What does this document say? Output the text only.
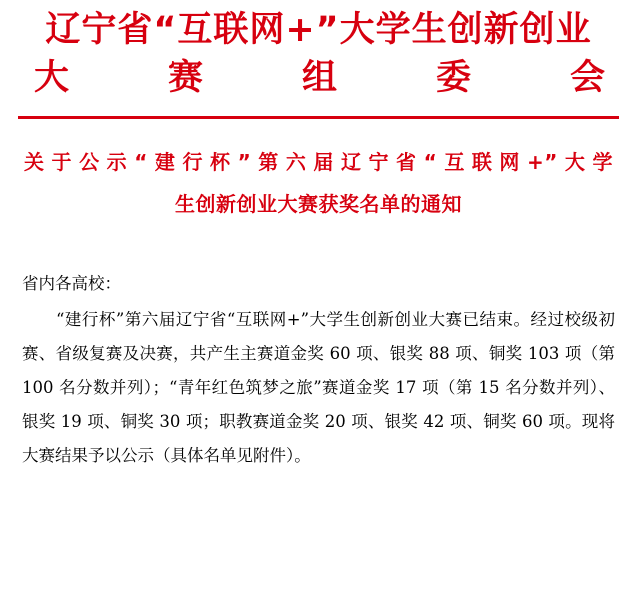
辽宁省“互联网+”大学生创新创业
大	赛	组	委	会
关于公示“建行杯”第六届辽宁省“互联网+”大学
生创新创业大赛获奖名单的通知
省内各高校：
“建行杯”第六届辽宁省“互联网+”大学生创新创业大赛已结束。经过校级初赛、省级复赛及决赛，共产生主赛道金奖 60 项、银奖 88 项、铜奖 103 项（第 100 名分数并列）；“青年红色筑梦之旅”赛道金奖 17 项（第 15 名分数并列）、银奖 19 项、铜奖 30 项；职教赛道金奖 20 项、银奖 42 项、铜奖 60 项。现将大赛结果予以公示（具体名单见附件）。
